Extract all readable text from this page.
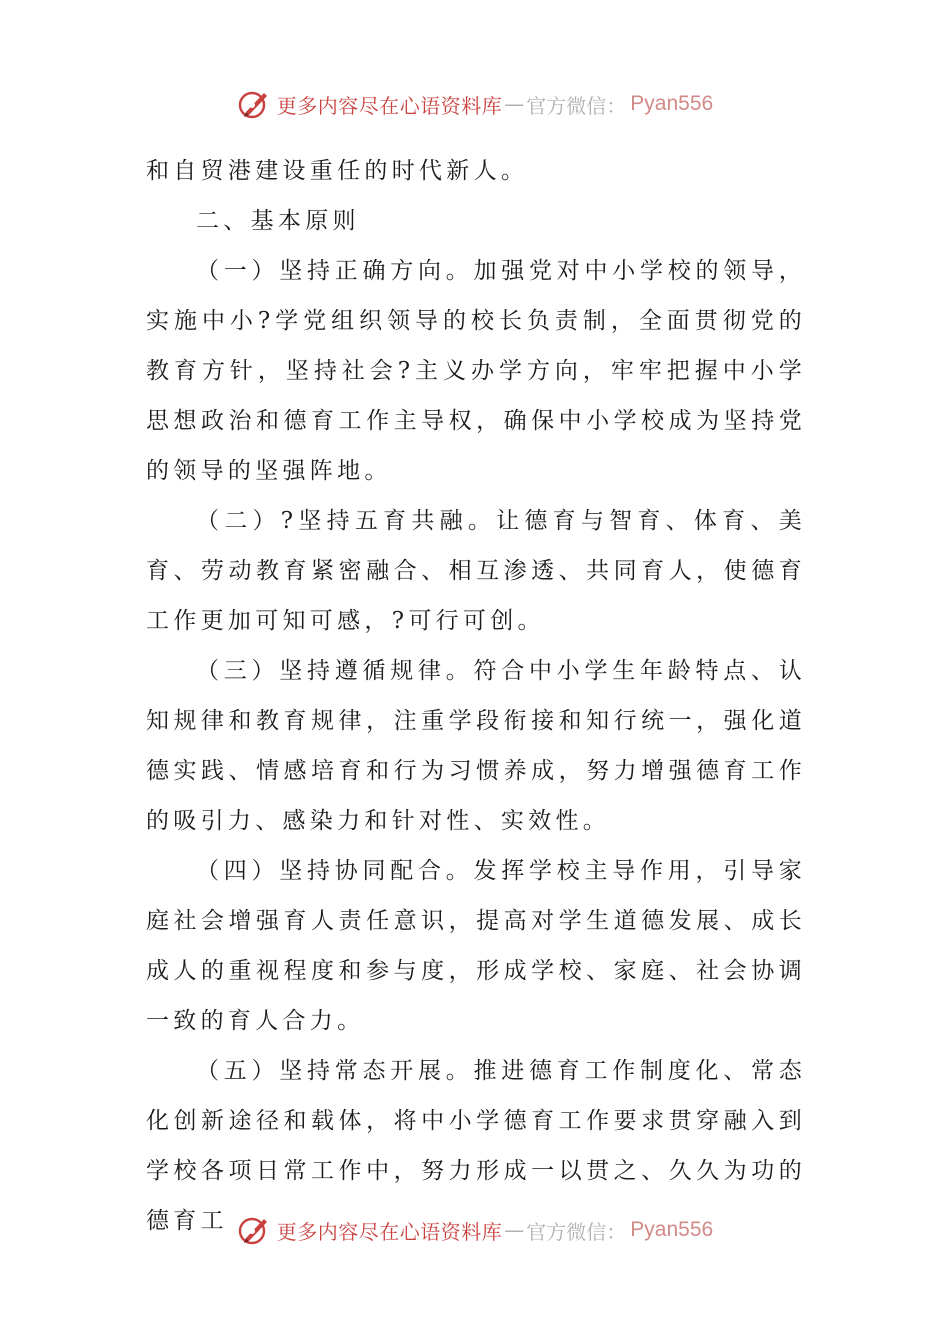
更多内容尽在心语资料库 — 官方微信： Pyan556

和自贸港建设重任的时代新人。

二、基本原则

（一）坚持正确方向。加强党对中小学校的领导，实施中小?学党组织领导的校长负责制，全面贯彻党的教育方针，坚持社会?主义办学方向，牢牢把握中小学思想政治和德育工作主导权，确保中小学校成为坚持党的领导的坚强阵地。

（二）?坚持五育共融。让德育与智育、体育、美育、劳动教育紧密融合、相互渗透、共同育人，使德育工作更加可知可感，?可行可创。

（三）坚持遵循规律。符合中小学生年龄特点、认知规律和教育规律，注重学段衔接和知行统一，强化道德实践、情感培育和行为习惯养成，努力增强德育工作的吸引力、感染力和针对性、实效性。

（四）坚持协同配合。发挥学校主导作用，引导家庭社会增强育人责任意识，提高对学生道德发展、成长成人的重视程度和参与度，形成学校、家庭、社会协调一致的育人合力。

（五）坚持常态开展。推进德育工作制度化、常态化创新途径和载体，将中小学德育工作要求贯穿融入到学校各项日常工作中，努力形成一以贯之、久久为功的德育工	更多内容尽在心语资料库 — 官方微信： Pyan556
